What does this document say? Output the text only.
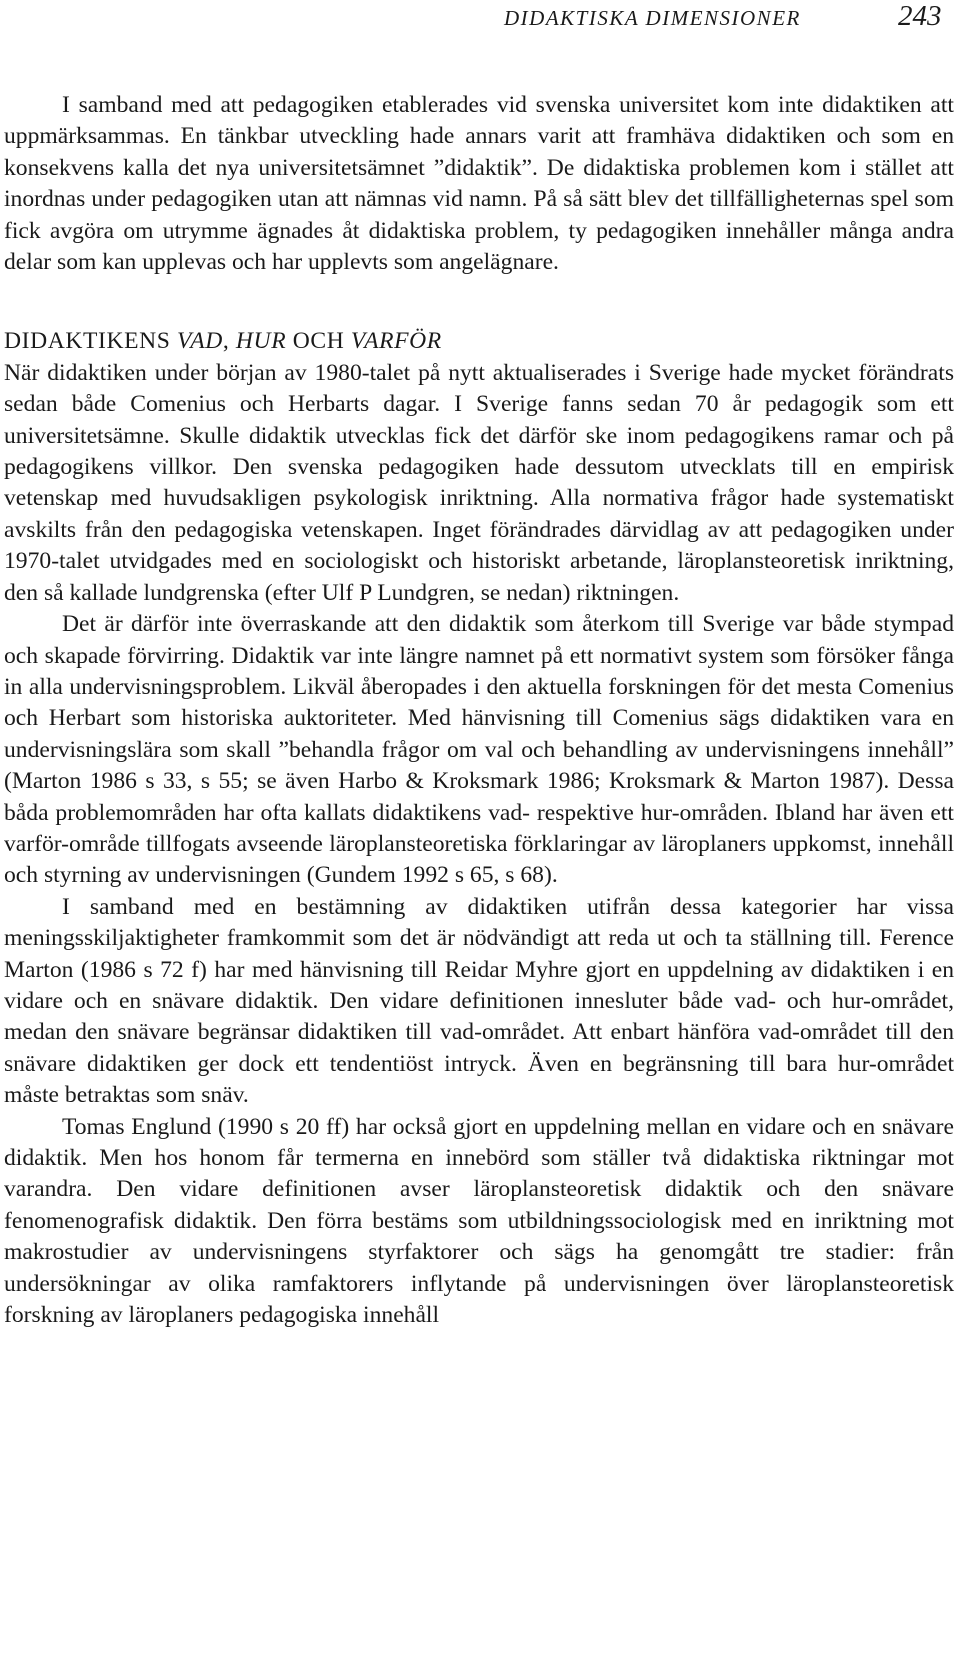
DIDAKTISKA DIMENSIONER	243

I samband med att pedagogiken etablerades vid svenska universitet kom inte didaktiken att uppmärksammas. En tänkbar utveckling hade annars varit att framhäva didaktiken och som en konsekvens kalla det nya universitetsämnet ”didaktik”. De didaktiska problemen kom i stället att inordnas under pedagogiken utan att nämnas vid namn. På så sätt blev det tillfälligheternas spel som fick avgöra om utrymme ägnades åt didaktiska problem, ty pedagogiken innehåller många andra delar som kan upplevas och har upplevts som angelägnare.

DIDAKTIKENS VAD, HUR OCH VARFÖR

När didaktiken under början av 1980-talet på nytt aktualiserades i Sverige hade mycket förändrats sedan både Comenius och Herbarts dagar. I Sverige fanns sedan 70 år pedagogik som ett universitetsämne. Skulle didaktik utvecklas fick det därför ske inom pedagogikens ramar och på pedagogikens villkor. Den svenska pedagogiken hade dessutom utvecklats till en empirisk vetenskap med huvudsakligen psykologisk inriktning. Alla normativa frågor hade systematiskt avskilts från den pedagogiska vetenskapen. Inget förändrades därvidlag av att pedagogiken under 1970-talet utvidgades med en sociologiskt och historiskt arbetande, läroplansteoretisk inriktning, den så kallade lundgrenska (efter Ulf P Lundgren, se nedan) riktningen.

Det är därför inte överraskande att den didaktik som återkom till Sverige var både stympad och skapade förvirring. Didaktik var inte längre namnet på ett normativt system som försöker fånga in alla undervisningsproblem. Likväl åberopades i den aktuella forskningen för det mesta Comenius och Herbart som historiska auktoriteter. Med hänvisning till Comenius sägs didaktiken vara en undervisningslära som skall ”behandla frågor om val och behandling av undervisningens innehåll” (Marton 1986 s 33, s 55; se även Harbo & Kroksmark 1986; Kroksmark & Marton 1987). Dessa båda problemområden har ofta kallats didaktikens vad- respektive hur-områden. Ibland har även ett varför-område tillfogats avseende läroplansteoretiska förklaringar av läroplaners uppkomst, innehåll och styrning av undervisningen (Gundem 1992 s 65, s 68).

I samband med en bestämning av didaktiken utifrån dessa kategorier har vissa meningsskiljaktigheter framkommit som det är nödvändigt att reda ut och ta ställning till. Ference Marton (1986 s 72 f) har med hänvisning till Reidar Myhre gjort en uppdelning av didaktiken i en vidare och en snävare didaktik. Den vidare definitionen innesluter både vad- och hur-området, medan den snävare begränsar didaktiken till vad-området. Att enbart hänföra vad-området till den snävare didaktiken ger dock ett tendentiöst intryck. Även en begränsning till bara hur-området måste betraktas som snäv.

Tomas Englund (1990 s 20 ff) har också gjort en uppdelning mellan en vidare och en snävare didaktik. Men hos honom får termerna en innebörd som ställer två didaktiska riktningar mot varandra. Den vidare definitionen avser läroplansteoretisk didaktik och den snävare fenomenografisk didaktik. Den förra bestäms som utbildningssociologisk med en inriktning mot makrostudier av undervisningens styrfaktorer och sägs ha genomgått tre stadier: från undersökningar av olika ramfaktorers inflytande på undervisningen över läroplansteoretisk forskning av läroplaners pedagogiska innehåll
